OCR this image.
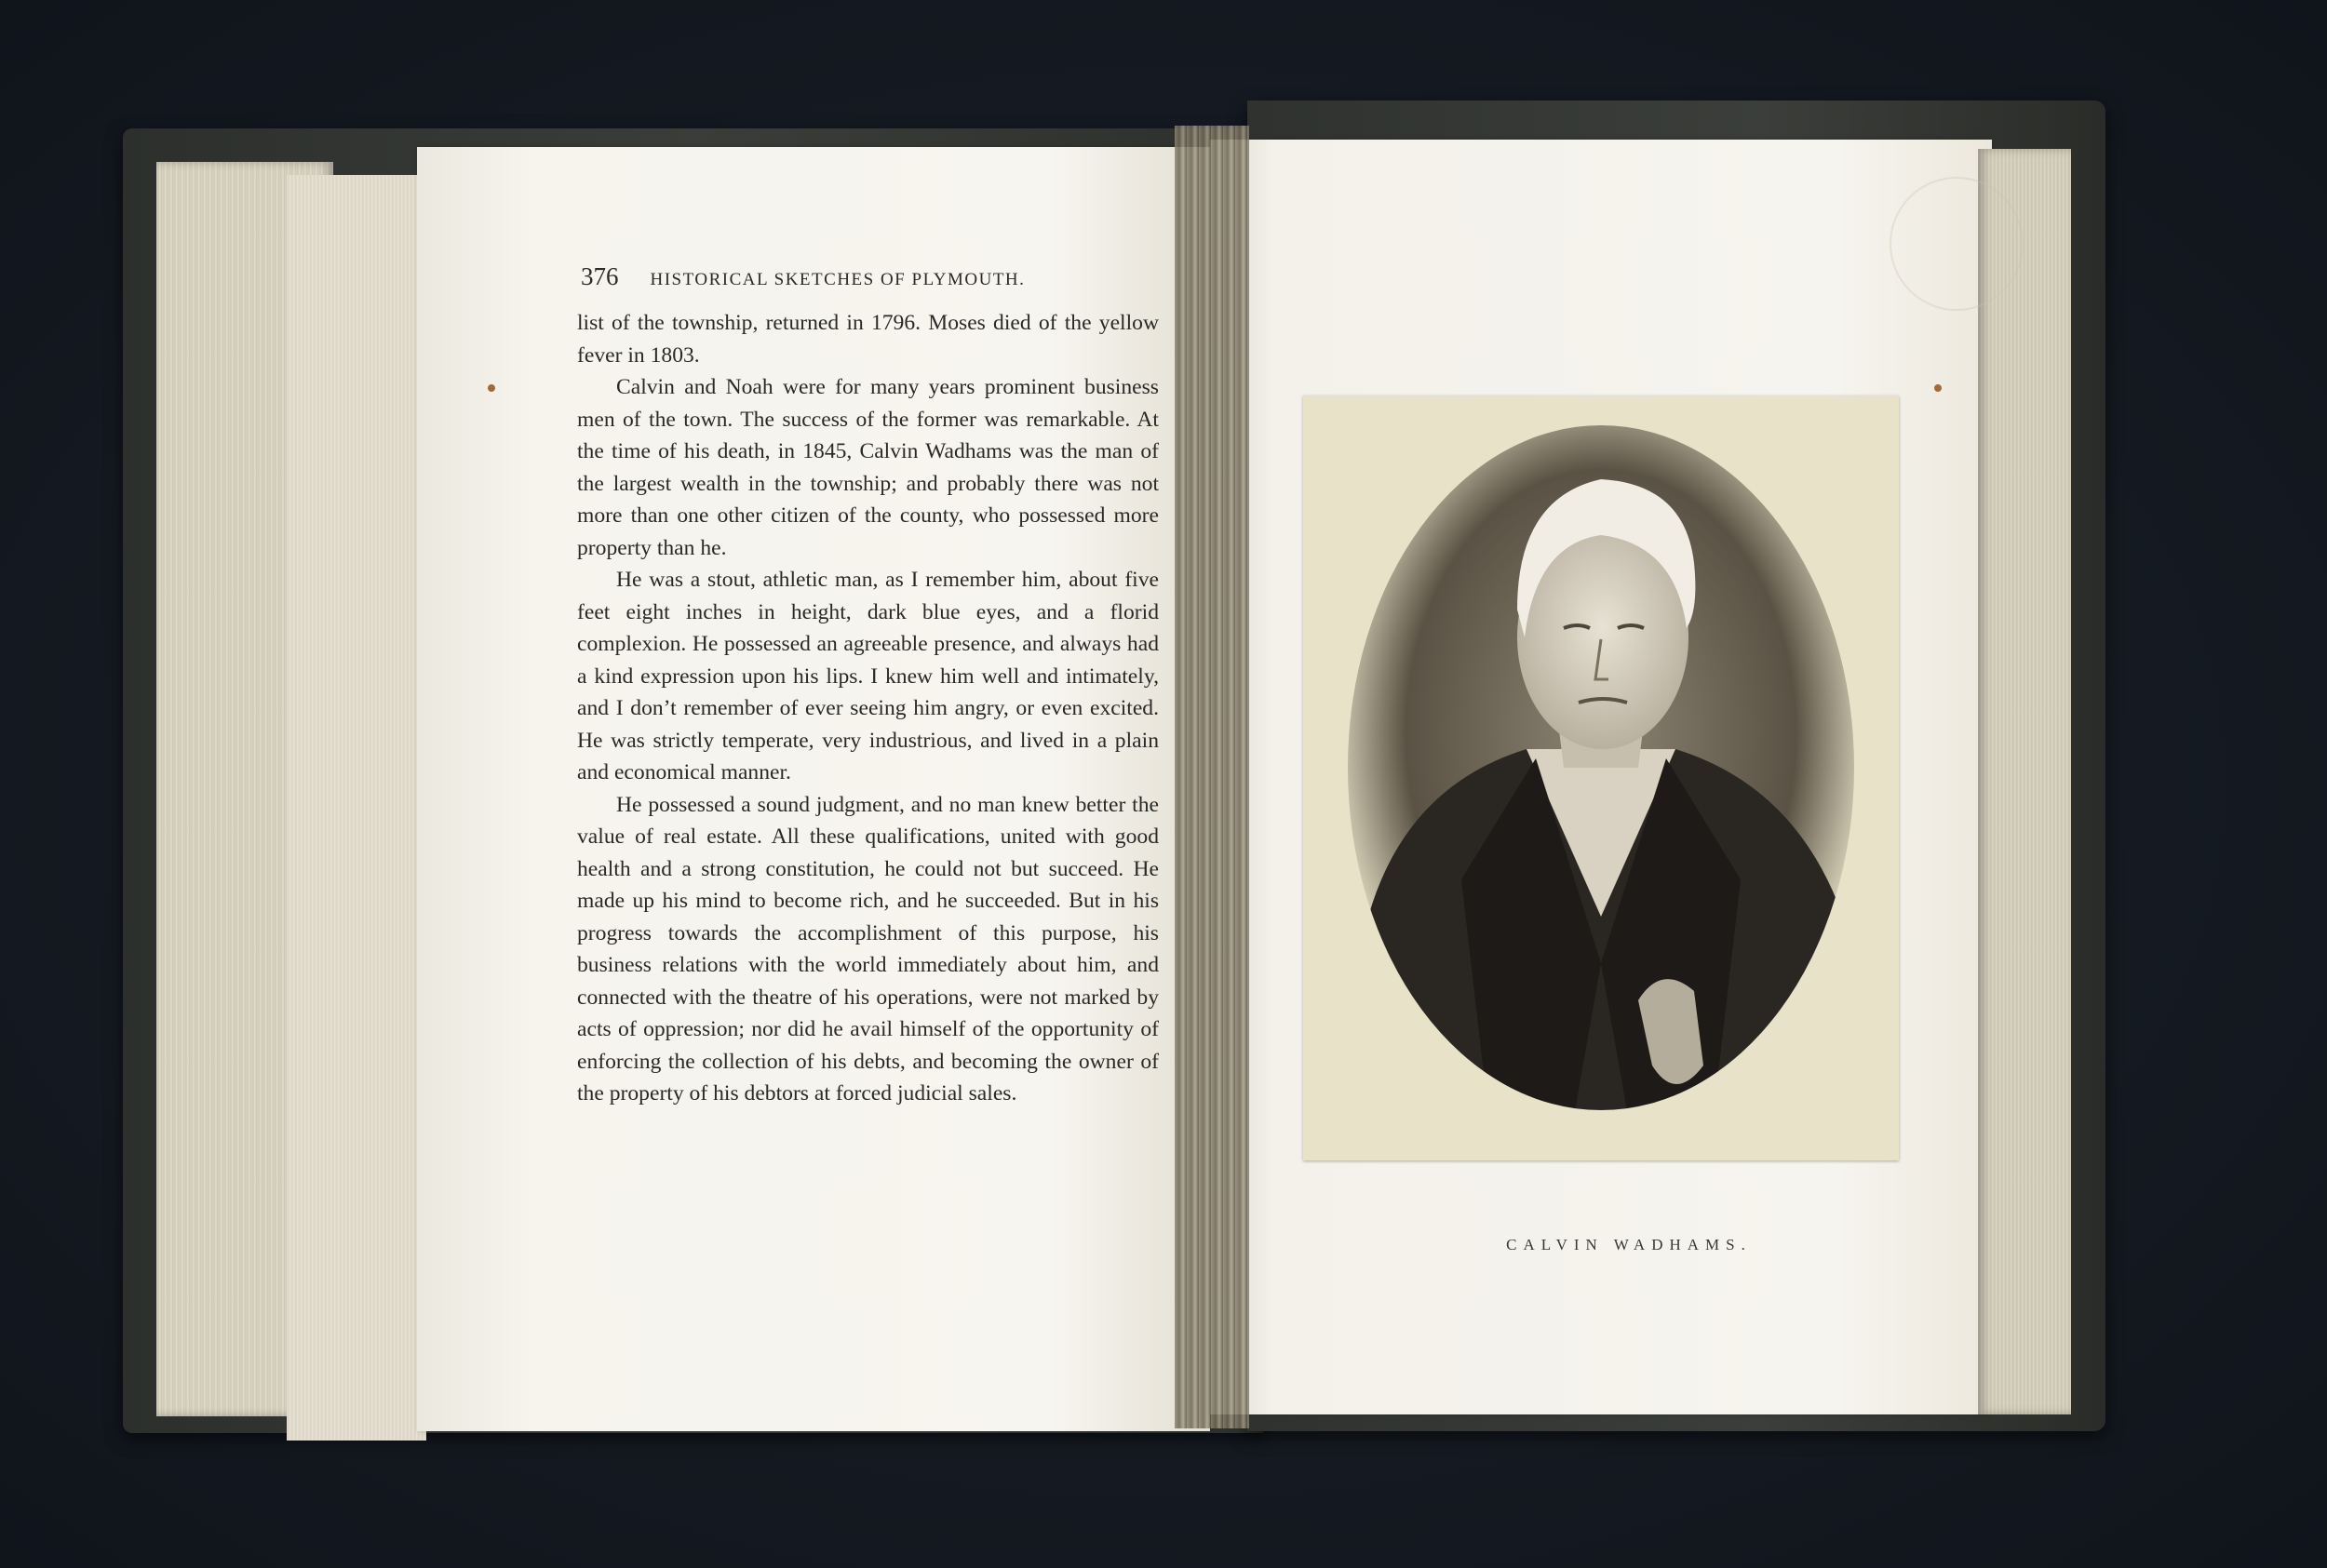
376 HISTORICAL SKETCHES OF PLYMOUTH.

list of the township, returned in 1796. Moses died of the yellow fever in 1803.

Calvin and Noah were for many years prominent business men of the town. The success of the former was remarkable. At the time of his death, in 1845, Calvin Wadhams was the man of the largest wealth in the township; and probably there was not more than one other citizen of the county, who possessed more property than he.

He was a stout, athletic man, as I remember him, about five feet eight inches in height, dark blue eyes, and a florid complexion. He possessed an agreeable presence, and always had a kind expression upon his lips. I knew him well and intimately, and I don’t remember of ever seeing him angry, or even excited. He was strictly temperate, very industrious, and lived in a plain and economical manner.

He possessed a sound judgment, and no man knew better the value of real estate. All these qualifications, united with good health and a strong constitution, he could not but succeed. He made up his mind to become rich, and he succeeded. But in his progress towards the accomplishment of this purpose, his business relations with the world immediately about him, and connected with the theatre of his operations, were not marked by acts of oppression; nor did he avail himself of the opportunity of enforcing the collection of his debts, and becoming the owner of the property of his debtors at forced judicial sales.

CALVIN WADHAMS.
